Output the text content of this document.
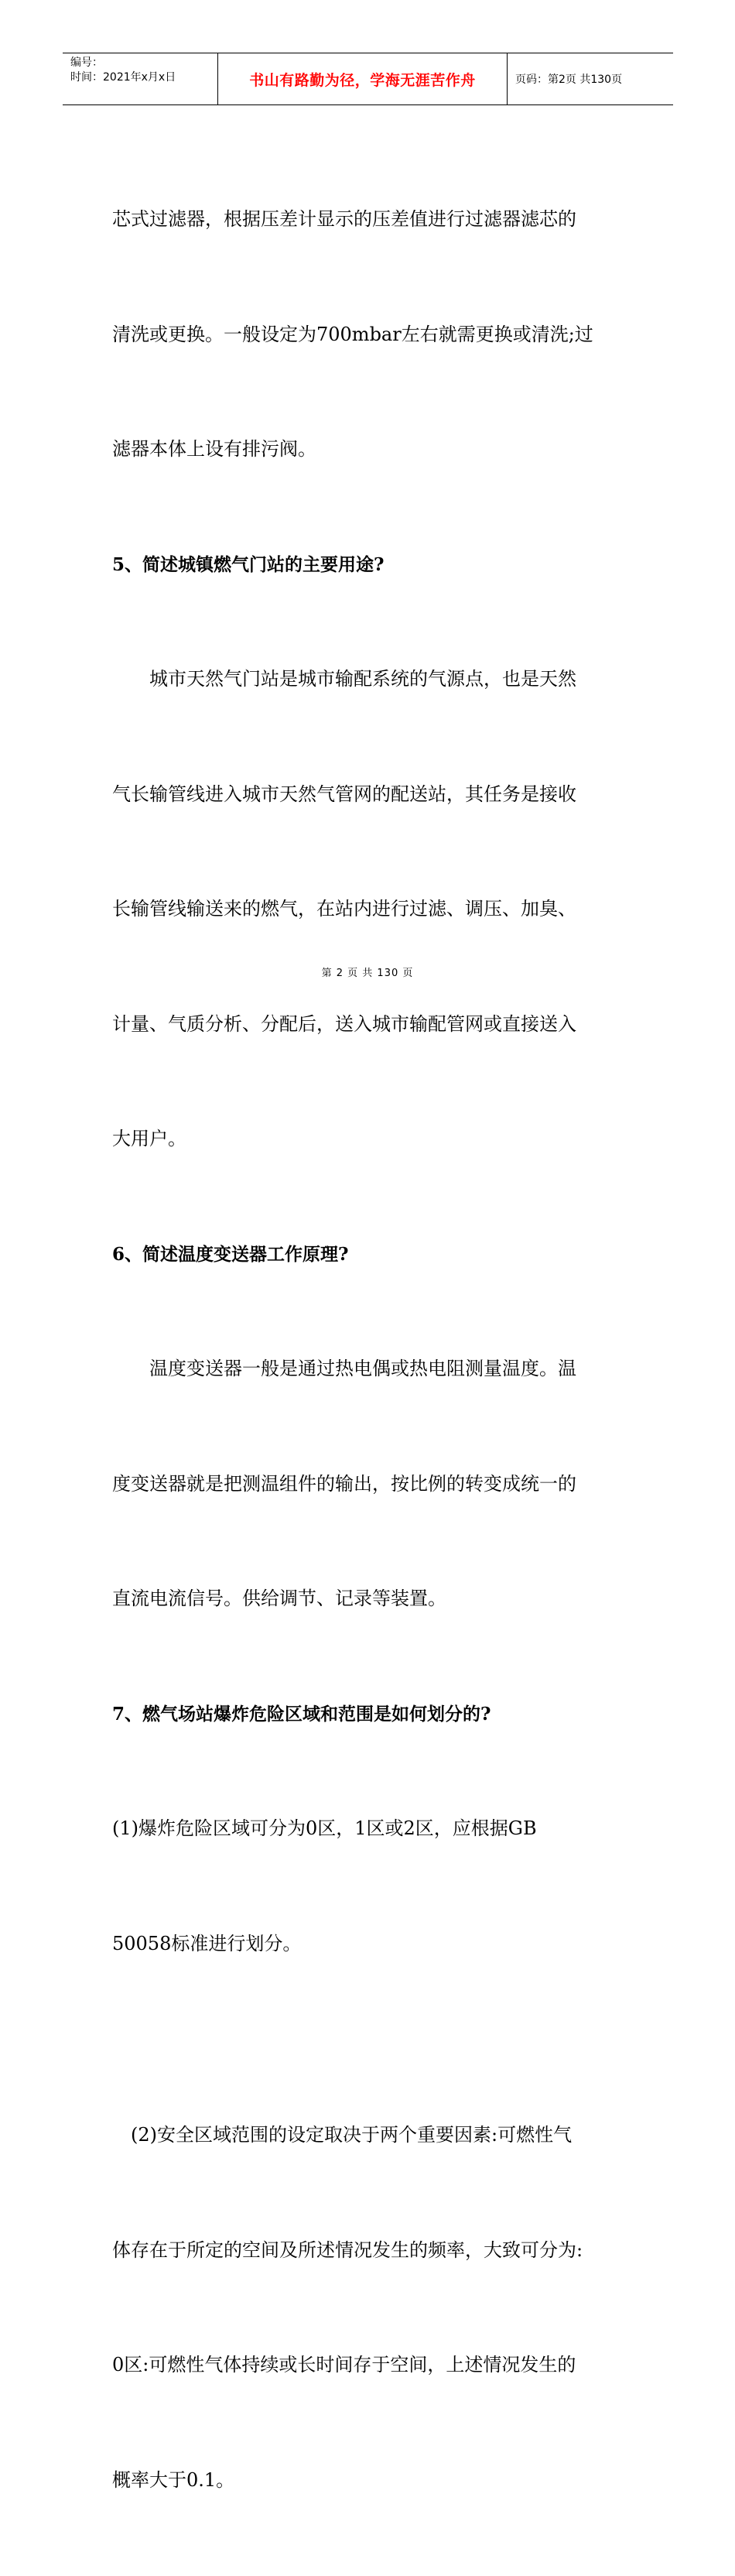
编号：
时间：2021年x月x日	书山有路勤为径，学海无涯苦作舟	页码：第2页 共130页

芯式过滤器，根据压差计显示的压差值进行过滤器滤芯的

清洗或更换。一般设定为700mbar左右就需更换或清洗;过

滤器本体上设有排污阀。

5、简述城镇燃气门站的主要用途?

　　城市天然气门站是城市输配系统的气源点，也是天然

气长输管线进入城市天然气管网的配送站，其任务是接收

长输管线输送来的燃气，在站内进行过滤、调压、加臭、

计量、气质分析、分配后，送入城市输配管网或直接送入

大用户。

6、简述温度变送器工作原理?

　　温度变送器一般是通过热电偶或热电阻测量温度。温

度变送器就是把测温组件的输出，按比例的转变成统一的

直流电流信号。供给调节、记录等装置。

7、燃气场站爆炸危险区域和范围是如何划分的?

(1)爆炸危险区域可分为0区，1区或2区，应根据GB

50058标准进行划分。

　(2)安全区域范围的设定取决于两个重要因素:可燃性气

体存在于所定的空间及所述情况发生的频率，大致可分为:

0区:可燃性气体持续或长时间存于空间，上述情况发生的

概率大于0.1。

第 2 页 共 130 页
